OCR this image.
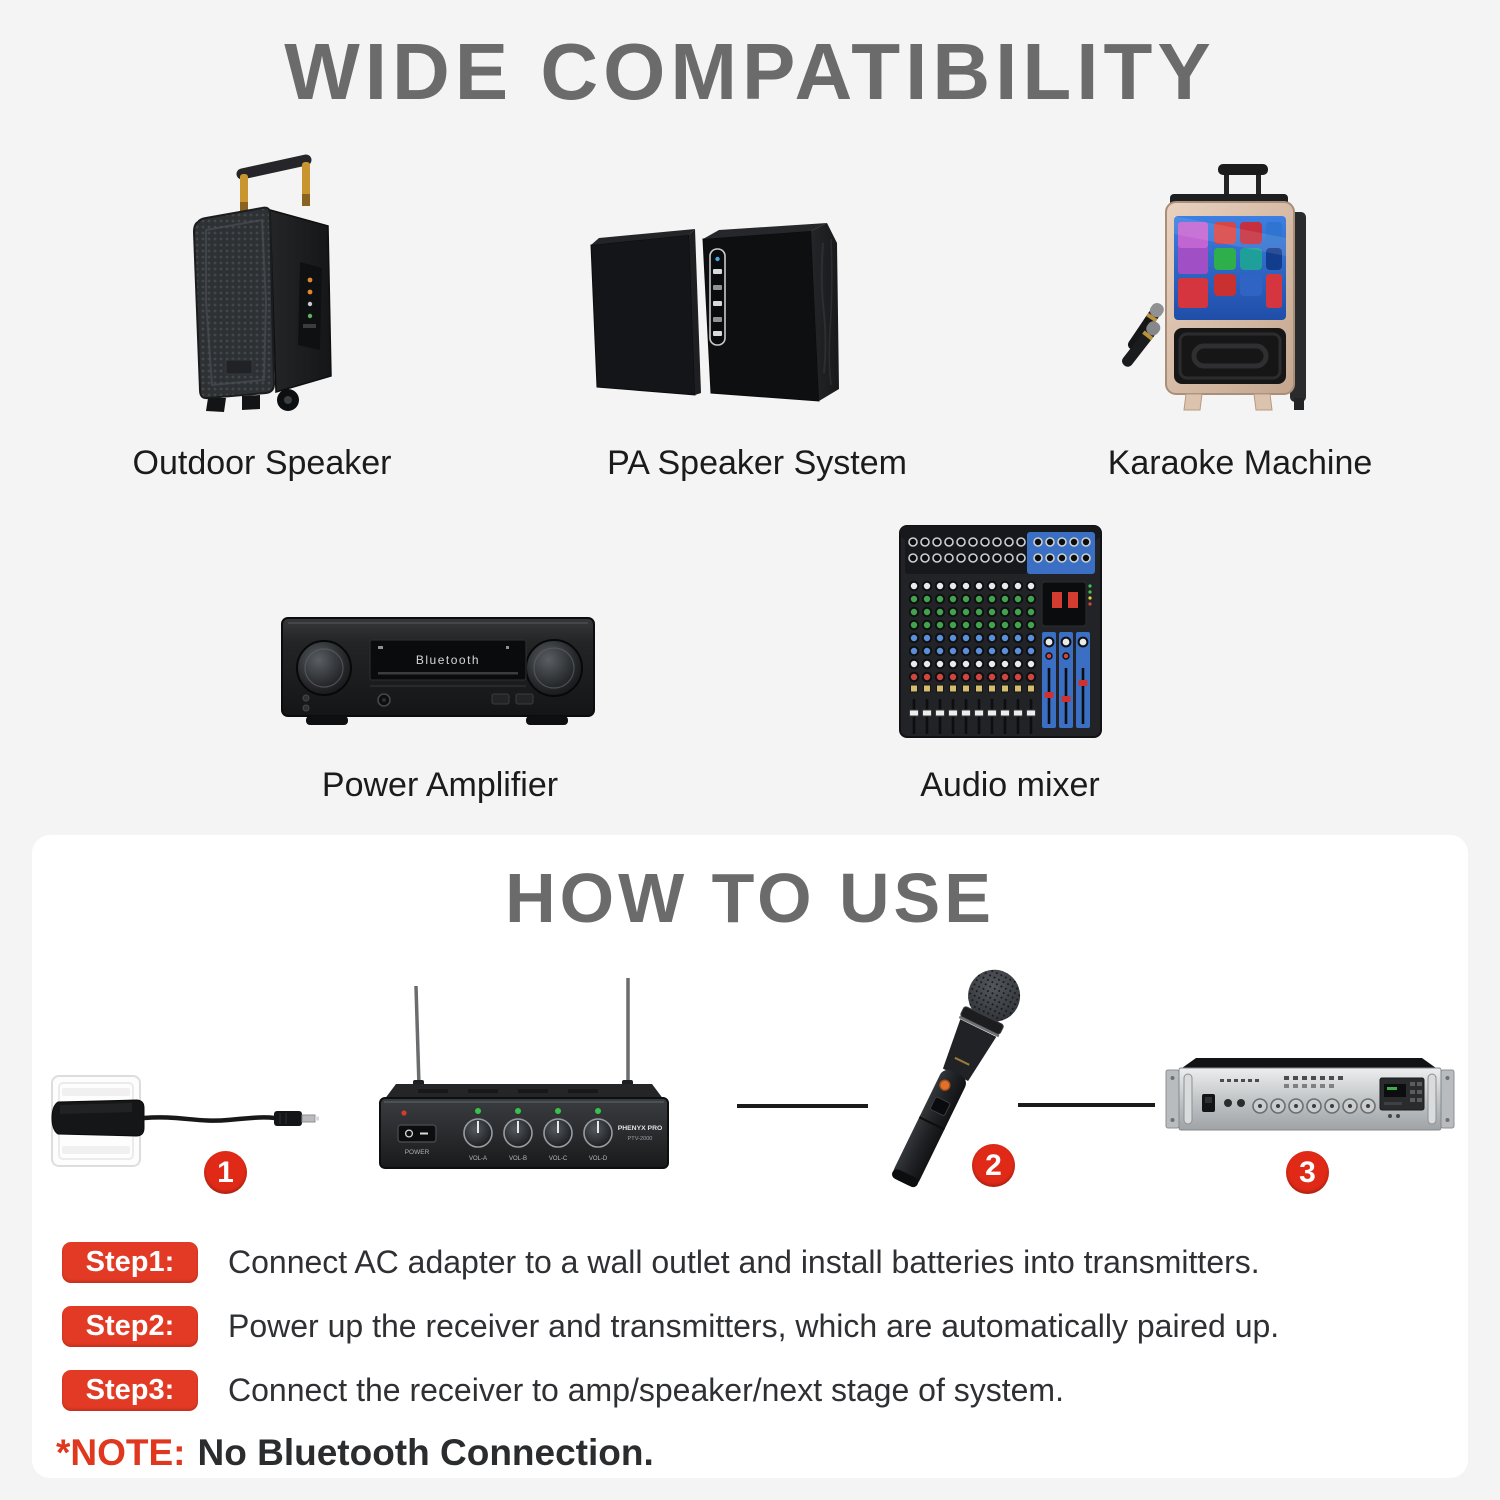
WIDE COMPATIBILITY
Outdoor Speaker	PA Speaker System	Karaoke Machine
Bluetooth
Power Amplifier	Audio mixer
HOW TO USE
1
POWER
VOL-A	VOL-B	VOL-C	VOL-D
PHENYX PRO
PTV-2000
2	3
Step1:	Connect AC adapter to a wall outlet and install batteries into transmitters.
Step2:	Power up the receiver and transmitters, which are automatically paired up.
Step3:	Connect the receiver to amp/speaker/next stage of system.
*NOTE: No Bluetooth Connection.
